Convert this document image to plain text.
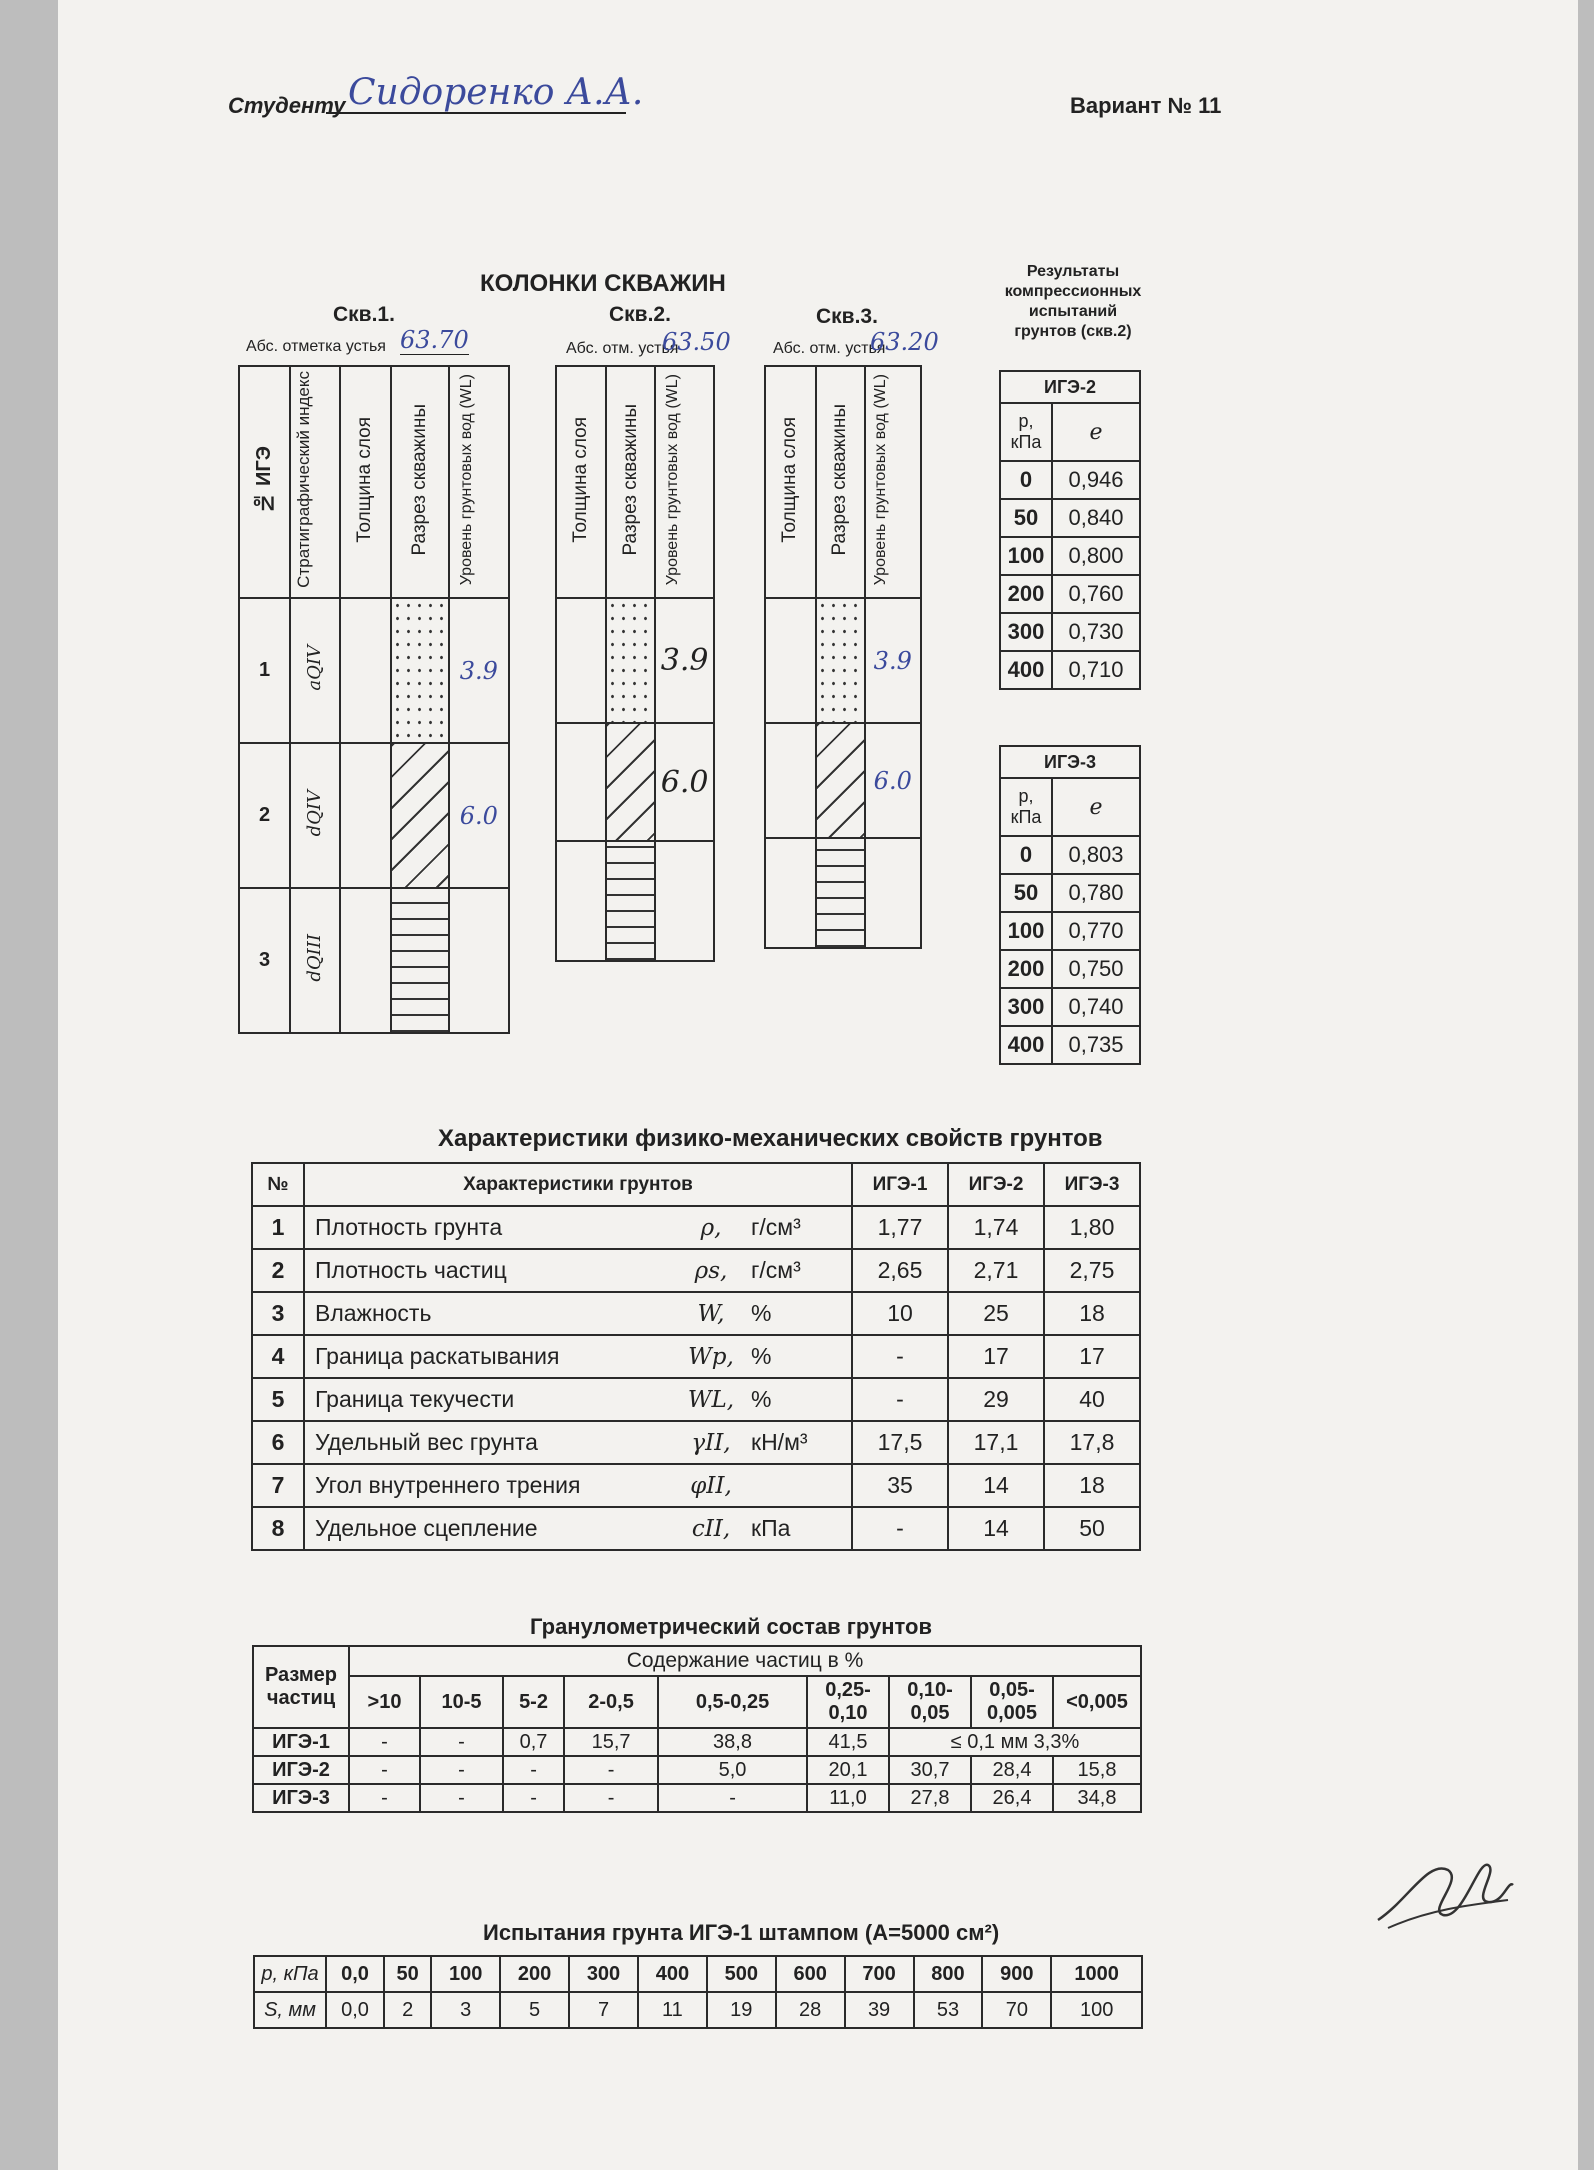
Студенту Сидоренко А.А.	Вариант № 11
КОЛОНКИ СКВАЖИН
Скв.1.
Абс. отметка устья 63.70
№ ИГЭ	Стратиграфический индекс	Толщина слоя	Разрез скважины	Уровень грунтовых вод (WL)
1	aQIV			3.9
2	dQIV			6.0
3	dQIII			
Скв.2.
Абс. отм. устья
63.50
Толщина слоя	Разрез скважины	Уровень грунтовых вод (WL)
		3.9
		6.0

Скв.3.
Абс. отм. устья
63.20
Толщина слоя	Разрез скважины	Уровень грунтовых вод (WL)
		3.9
		6.0

Результаты компрессионных испытаний грунтов (скв.2)
ИГЭ-2	
p, кПа	e
0	0,946
50	0,840
100	0,800
200	0,760
300	0,730
400	0,710
ИГЭ-3	
p, кПа	e
0	0,803
50	0,780
100	0,770
200	0,750
300	0,740
400	0,735
Характеристики физико-механических свойств грунтов
№	Характеристики грунтов			ИГЭ-1	ИГЭ-2	ИГЭ-3
1	Плотность грунта	ρ,	г/см³	1,77	1,74	1,80
2	Плотность частиц	ρs,	г/см³	2,65	2,71	2,75
3	Влажность	W,	%	10	25	18
4	Граница раскатывания	Wp,	%	-	17	17
5	Граница текучести	WL,	%	-	29	40
6	Удельный вес грунта	γII,	кН/м³	17,5	17,1	17,8
7	Угол внутреннего трения	φII,		35	14	18
8	Удельное сцепление	cII,	кПа	-	14	50
Гранулометрический состав грунтов
Размер частиц	Содержание частиц в %								
	>10	10-5	5-2	2-0,5	0,5-0,25	0,25-0,10	0,10-0,05	0,05-0,005	<0,005
ИГЭ-1	-	-	0,7	15,7	38,8	41,5	≤ 0,1 мм 3,3%		
ИГЭ-2	-	-	-	-	5,0	20,1	30,7	28,4	15,8
ИГЭ-3	-	-	-	-	-	11,0	27,8	26,4	34,8
Испытания грунта ИГЭ-1 штампом (А=5000 см²)
p, кПа	0,0	50	100	200	300	400	500	600	700	800	900	1000
S, мм	0,0	2	3	5	7	11	19	28	39	53	70	100
